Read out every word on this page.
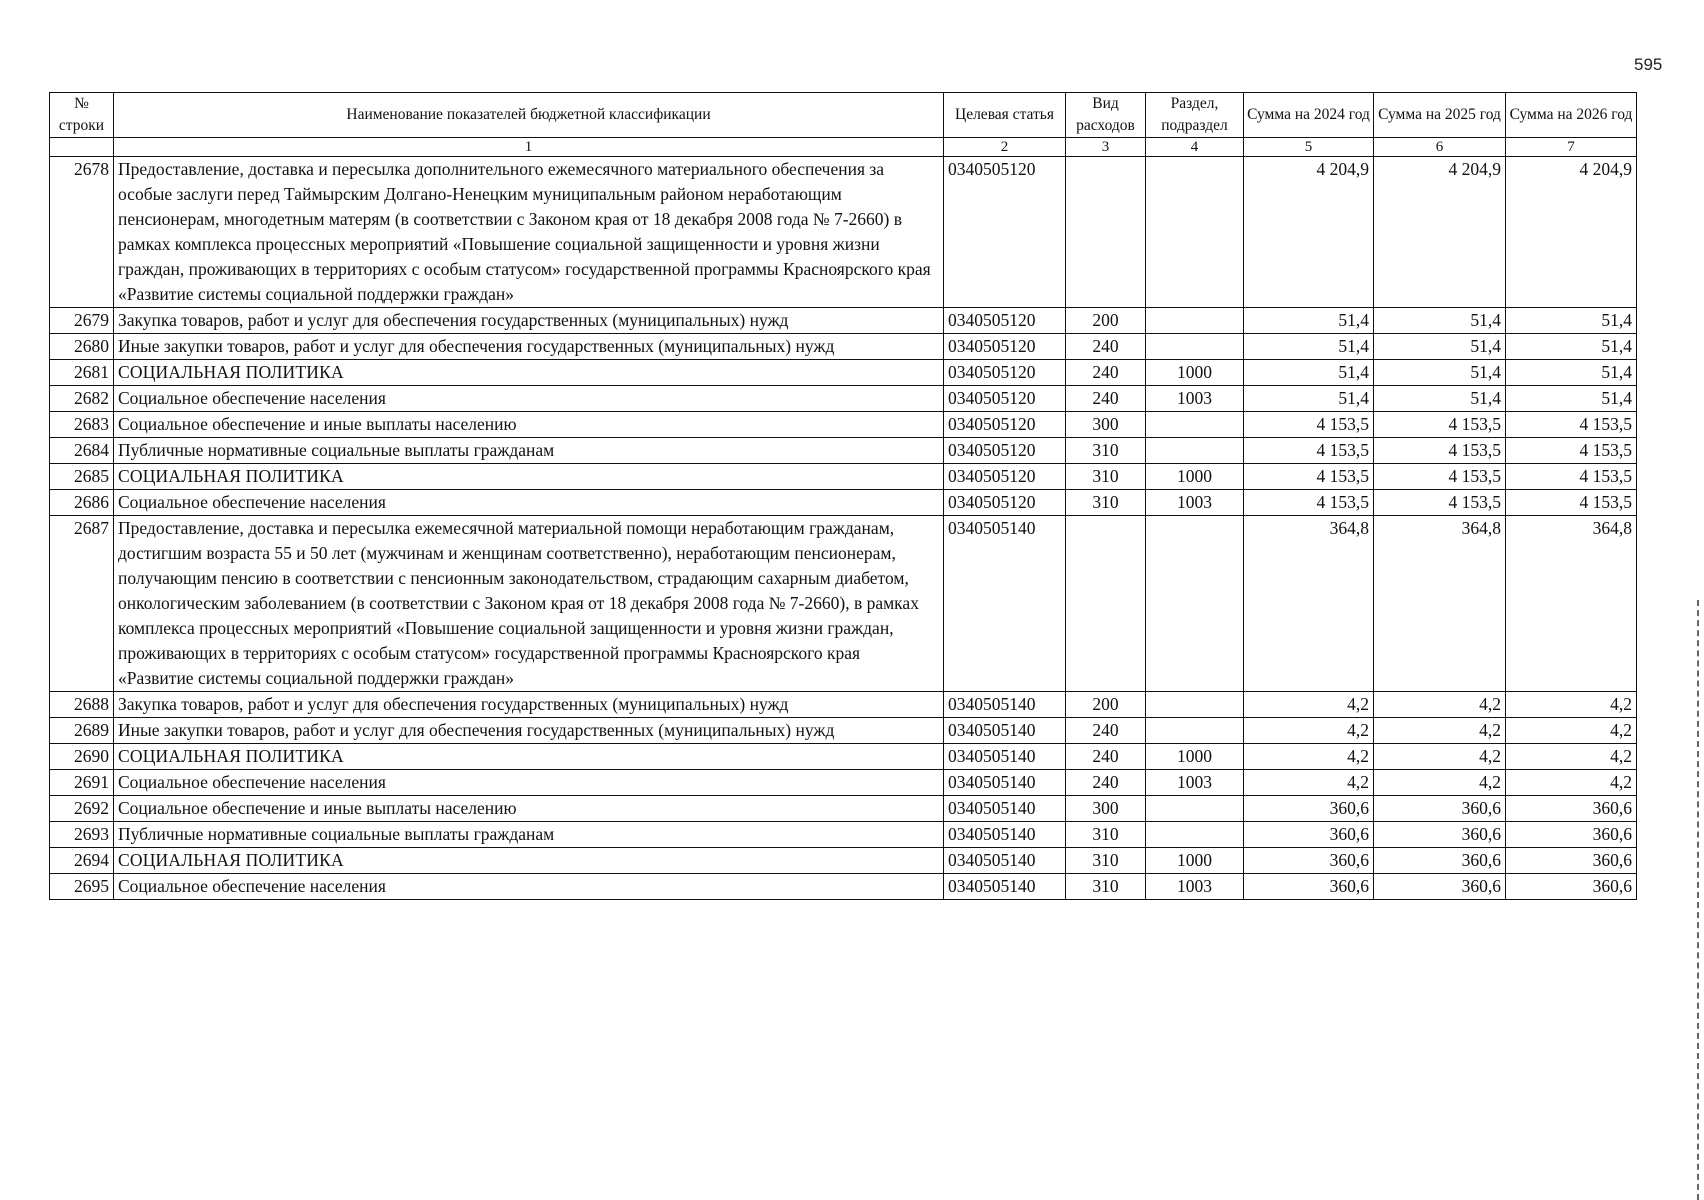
595
№ строки	Наименование показателей бюджетной классификации	Целевая статья	Вид расходов	Раздел, подраздел	Сумма на 2024 год	Сумма на 2025 год	Сумма на 2026 год
	1	2	3	4	5	6	7
2678	Предоставление, доставка и пересылка дополнительного ежемесячного материального обеспечения за особые заслуги перед Таймырским Долгано-Ненецким муниципальным районом неработающим пенсионерам, многодетным матерям (в соответствии с Законом края от 18 декабря 2008 года № 7-2660) в рамках комплекса процессных мероприятий «Повышение социальной защищенности и уровня жизни граждан, проживающих в территориях с особым статусом» государственной программы Красноярского края «Развитие системы социальной поддержки граждан»	0340505120			4 204,9	4 204,9	4 204,9
2679	Закупка товаров, работ и услуг для обеспечения государственных (муниципальных) нужд	0340505120	200		51,4	51,4	51,4
2680	Иные закупки товаров, работ и услуг для обеспечения государственных (муниципальных) нужд	0340505120	240		51,4	51,4	51,4
2681	СОЦИАЛЬНАЯ ПОЛИТИКА	0340505120	240	1000	51,4	51,4	51,4
2682	Социальное обеспечение населения	0340505120	240	1003	51,4	51,4	51,4
2683	Социальное обеспечение и иные выплаты населению	0340505120	300		4 153,5	4 153,5	4 153,5
2684	Публичные нормативные социальные выплаты гражданам	0340505120	310		4 153,5	4 153,5	4 153,5
2685	СОЦИАЛЬНАЯ ПОЛИТИКА	0340505120	310	1000	4 153,5	4 153,5	4 153,5
2686	Социальное обеспечение населения	0340505120	310	1003	4 153,5	4 153,5	4 153,5
2687	Предоставление, доставка и пересылка ежемесячной материальной помощи неработающим гражданам, достигшим возраста 55 и 50 лет (мужчинам и женщинам соответственно), неработающим пенсионерам, получающим пенсию в соответствии с пенсионным законодательством, страдающим сахарным диабетом, онкологическим заболеванием (в соответствии с Законом края от 18 декабря 2008 года № 7-2660), в рамках комплекса процессных мероприятий «Повышение социальной защищенности и уровня жизни граждан, проживающих в территориях с особым статусом» государственной программы Красноярского края «Развитие системы социальной поддержки граждан»	0340505140			364,8	364,8	364,8
2688	Закупка товаров, работ и услуг для обеспечения государственных (муниципальных) нужд	0340505140	200		4,2	4,2	4,2
2689	Иные закупки товаров, работ и услуг для обеспечения государственных (муниципальных) нужд	0340505140	240		4,2	4,2	4,2
2690	СОЦИАЛЬНАЯ ПОЛИТИКА	0340505140	240	1000	4,2	4,2	4,2
2691	Социальное обеспечение населения	0340505140	240	1003	4,2	4,2	4,2
2692	Социальное обеспечение и иные выплаты населению	0340505140	300		360,6	360,6	360,6
2693	Публичные нормативные социальные выплаты гражданам	0340505140	310		360,6	360,6	360,6
2694	СОЦИАЛЬНАЯ ПОЛИТИКА	0340505140	310	1000	360,6	360,6	360,6
2695	Социальное обеспечение населения	0340505140	310	1003	360,6	360,6	360,6
